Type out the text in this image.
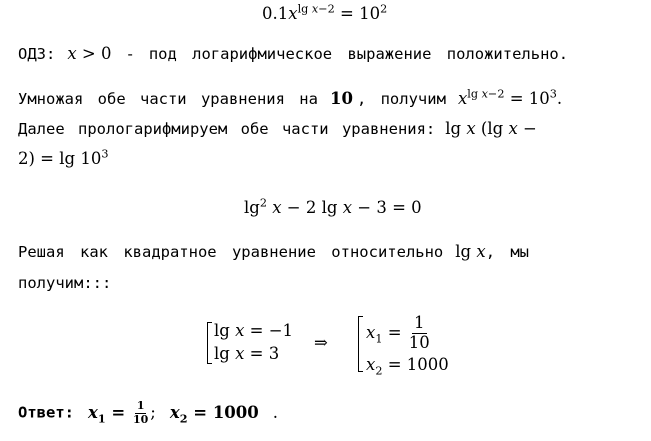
$0.1x^{lg x-2} = 10^2$
ОДЗ: x > 0 - под логарифмическое выражение положительно.
Умножая обе части уравнения на 10 , получим $x^{lg x-2} = 10^3$.
Далее прологарифмируем обе части уравнения: lg x (lg x −
$2) = \lg 10^3$
$\lg^2 x - 2$ lg x − 3 = 0
Решая как квадратное уравнение относительно lg x, мы
получим:::
lg x = −1
lg x = 3
⇒
$x_1 = \frac{1}{10}$
$x_2 = 1000$
Ответ: $x_1 = \frac{1}{10}$ ; $x_2 = 1000$ .
